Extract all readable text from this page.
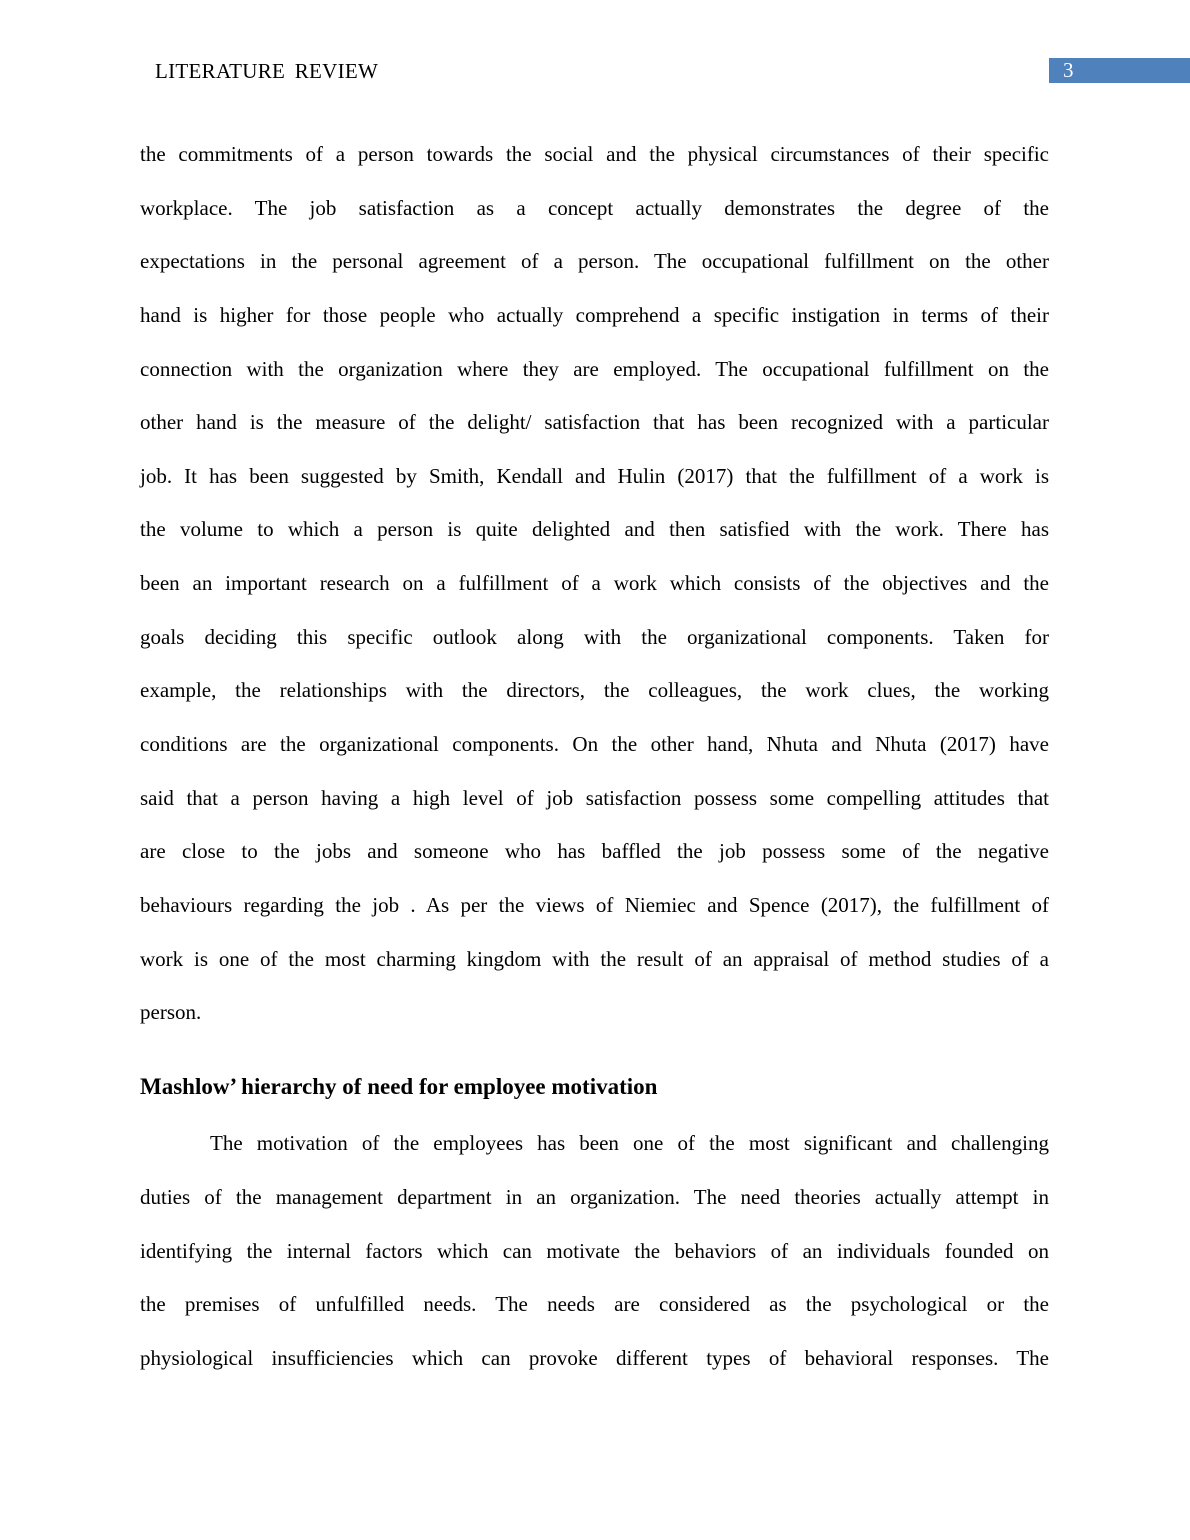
LITERATURE REVIEW	3
the commitments of a person towards the social and the physical circumstances of their specific
workplace. The job satisfaction as a concept actually demonstrates the degree of the
expectations in the personal agreement of a person. The occupational fulfillment on the other
hand is higher for those people who actually comprehend a specific instigation in terms of their
connection with the organization where they are employed. The occupational fulfillment on the
other hand is the measure of the delight/ satisfaction that has been recognized with a particular
job. It has been suggested by Smith, Kendall and Hulin (2017) that the fulfillment of a work is
the volume to which a person is quite delighted and then satisfied with the work. There has
been an important research on a fulfillment of a work which consists of the objectives and the
goals deciding this specific outlook along with the organizational components. Taken for
example, the relationships with the directors, the colleagues, the work clues, the working
conditions are the organizational components. On the other hand, Nhuta and Nhuta (2017) have
said that a person having a high level of job satisfaction possess some compelling attitudes that
are close to the jobs and someone who has baffled the job possess some of the negative
behaviours regarding the job . As per the views of Niemiec and Spence (2017), the fulfillment of
work is one of the most charming kingdom with the result of an appraisal of method studies of a
person.
Mashlow’ hierarchy of need for employee motivation
The motivation of the employees has been one of the most significant and challenging
duties of the management department in an organization. The need theories actually attempt in
identifying the internal factors which can motivate the behaviors of an individuals founded on
the premises of unfulfilled needs. The needs are considered as the psychological or the
physiological insufficiencies which can provoke different types of behavioral responses. The
